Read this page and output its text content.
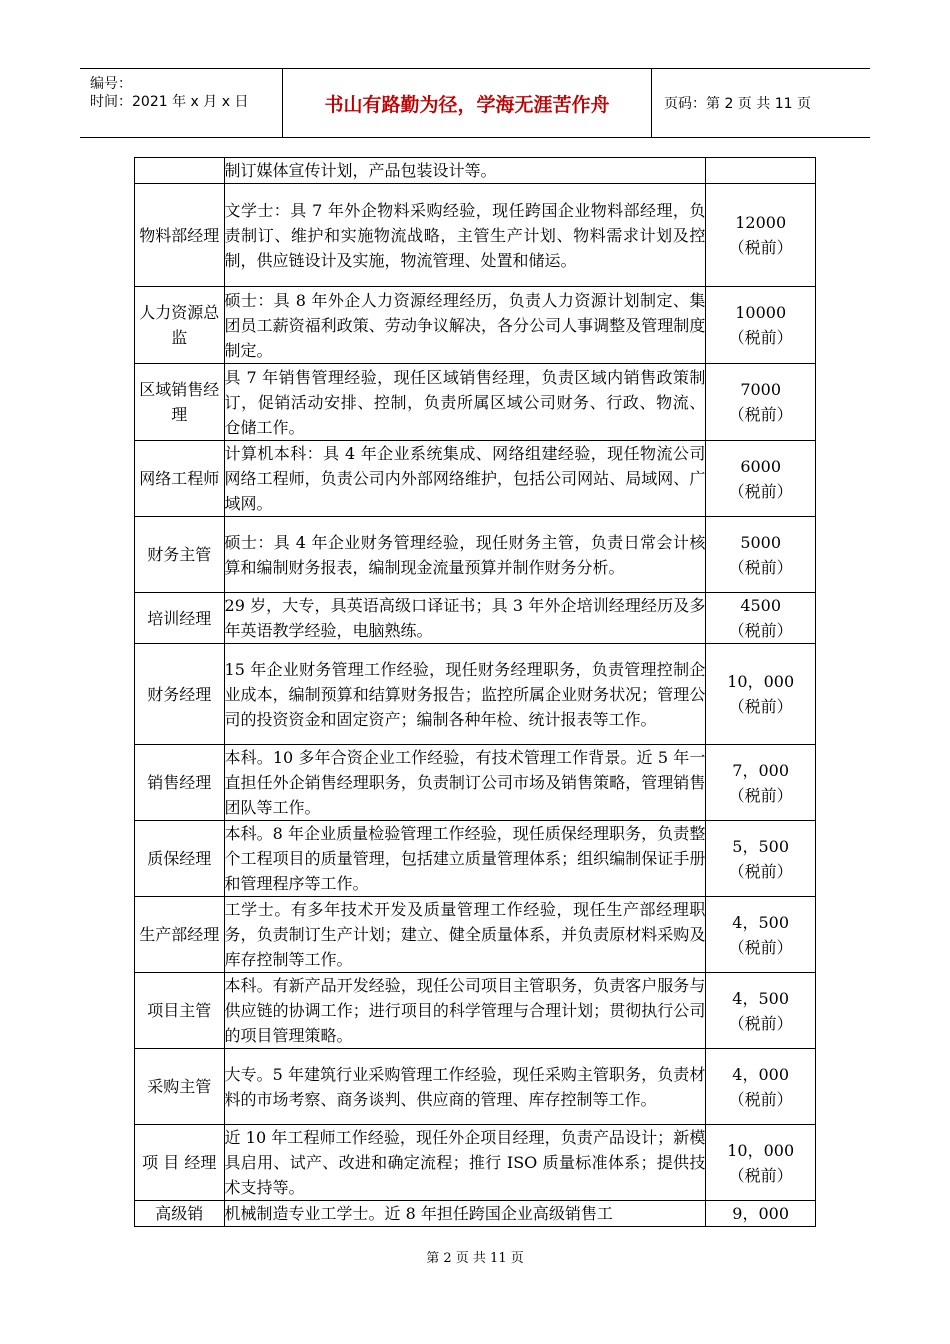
编号：
时间：2021 年 x 月 x 日	书山有路勤为径，学海无涯苦作舟	页码：第 2 页 共 11 页
	制订媒体宣传计划，产品包装设计等。	

物料部经理	文学士：具 7 年外企物料采购经验，现任跨国企业物料部经理，负责制订、维护和实施物流战略，主管生产计划、物料需求计划及控制，供应链设计及实施，物流管理、处置和储运。	12000
（税前）

人力资源总监	硕士：具 8 年外企人力资源经理经历，负责人力资源计划制定、集团员工薪资福利政策、劳动争议解决，各分公司人事调整及管理制度制定。	10000
（税前）

区域销售经理	具 7 年销售管理经验，现任区域销售经理，负责区域内销售政策制订，促销活动安排、控制，负责所属区域公司财务、行政、物流、 仓储工作。	7000
（税前）

网络工程师	计算机本科：具 4 年企业系统集成、网络组建经验，现任物流公司网络工程师，负责公司内外部网络维护，包括公司网站、局域网、广域网。	6000
（税前）

财务主管	硕士：具 4 年企业财务管理经验，现任财务主管，负责日常会计核算和编制财务报表，编制现金流量预算并制作财务分析。	5000
（税前）

培训经理	29 岁，大专，具英语高级口译证书；具 3 年外企培训经理经历及多年英语教学经验，电脑熟练。	4500
（税前）

财务经理	15 年企业财务管理工作经验，现任财务经理职务，负责管理控制企业成本，编制预算和结算财务报告；监控所属企业财务状况；管理公司的投资资金和固定资产；编制各种年检、统计报表等工作。	10，000
（税前）

销售经理	本科。10 多年合资企业工作经验，有技术管理工作背景。近 5 年一直担任外企销售经理职务，负责制订公司市场及销售策略，管理销售团队等工作。	7，000
（税前）

质保经理	本科。8 年企业质量检验管理工作经验，现任质保经理职务，负责整个工程项目的质量管理，包括建立质量管理体系；组织编制保证手册和管理程序等工作。	5，500
（税前）

生产部经理	工学士。有多年技术开发及质量管理工作经验，现任生产部经理职务，负责制订生产计划；建立、健全质量体系，并负责原材料采购及库存控制等工作。	4，500
（税前）

项目主管	本科。有新产品开发经验，现任公司项目主管职务，负责客户服务与供应链的协调工作；进行项目的科学管理与合理计划；贯彻执行公司的项目管理策略。	4，500
（税前）

采购主管	大专。5 年建筑行业采购管理工作经验，现任采购主管职务，负责材料的市场考察、商务谈判、供应商的管理、库存控制等工作。	4，000
（税前）

项 目 经理	近 10 年工程师工作经验，现任外企项目经理，负责产品设计；新模具启用、试产、改进和确定流程；推行 ISO 质量标准体系；提供技术支持等。	10，000
（税前）

高级销	机械制造专业工学士。近 8 年担任跨国企业高级销售工	9，000
第 2 页 共 11 页
